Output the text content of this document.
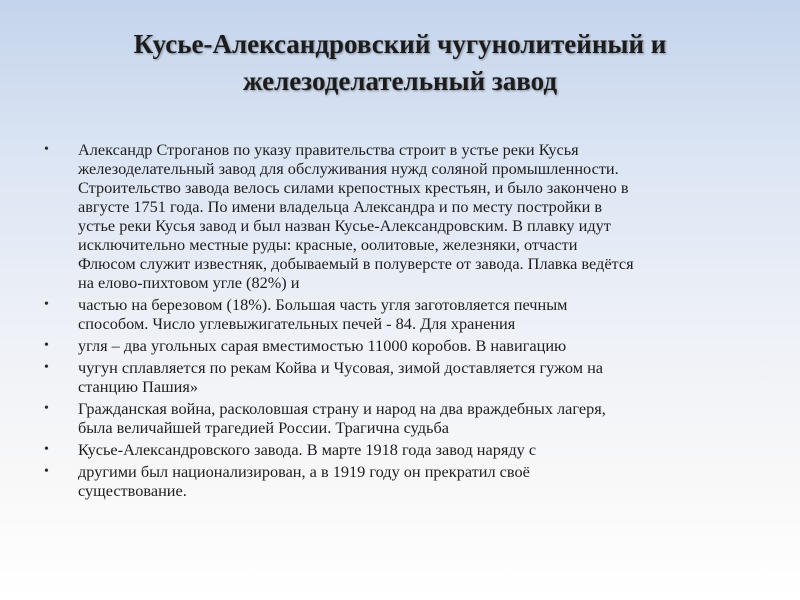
Кусье-Александровский чугунолитейный и
железоделательный завод
•	Александр Строганов по указу правительства строит в устье реки Кусья
железоделательный завод для обслуживания нужд соляной промышленности.
Строительство завода велось силами крепостных крестьян, и было закончено в
августе 1751 года. По имени владельца Александра и по месту постройки в
устье реки Кусья завод и был назван Кусье-Александровским. В плавку идут
исключительно местные руды: красные, оолитовые, железняки, отчасти
Флюсом служит известняк, добываемый в полуверсте от завода. Плавка ведётся
на елово-пихтовом угле (82%) и
•	частью на березовом (18%). Большая часть угля заготовляется печным
способом. Число углевыжигательных печей - 84. Для хранения
•	угля – два угольных сарая вместимостью 11000 коробов. В навигацию
•	чугун сплавляется по рекам Койва и Чусовая, зимой доставляется гужом на
станцию Пашия»
•	Гражданская война, расколовшая страну и народ на два враждебных лагеря,
была величайшей трагедией России. Трагична судьба
•	Кусье-Александровского завода. В марте 1918 года завод наряду с
•	другими был национализирован, а в 1919 году он прекратил своё
существование.
